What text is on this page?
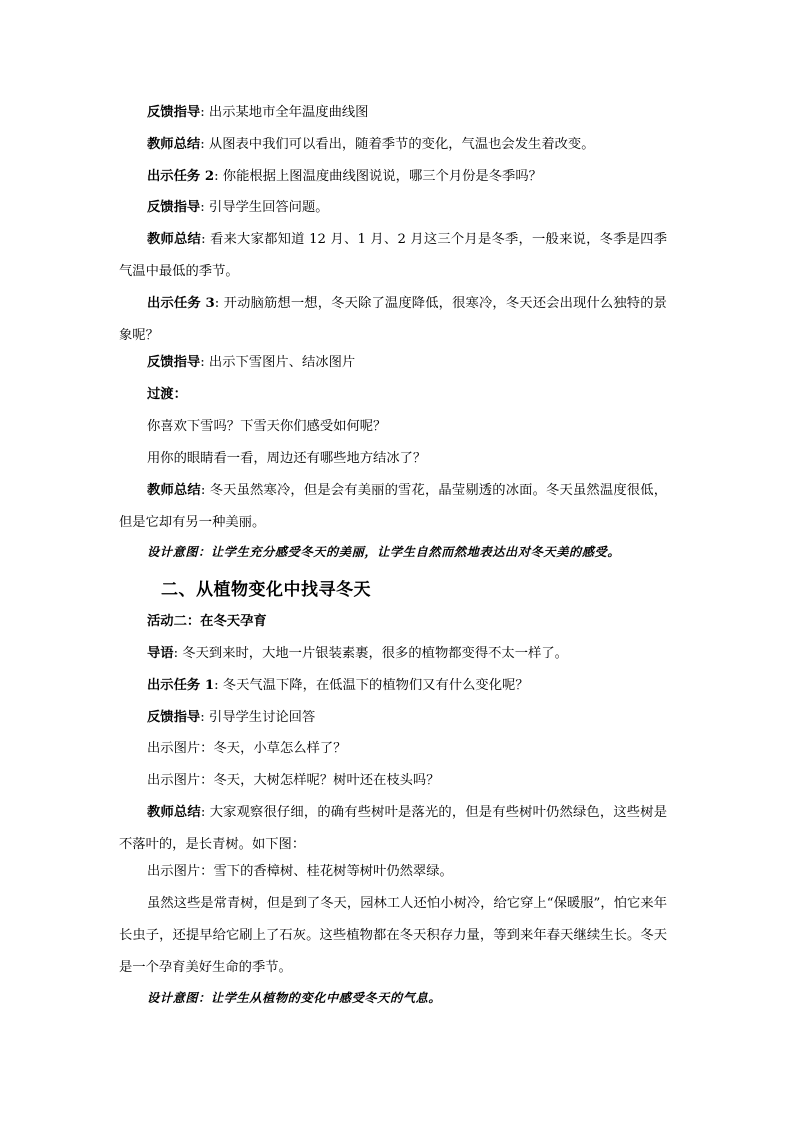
反馈指导: 出示某地市全年温度曲线图
教师总结: 从图表中我们可以看出，随着季节的变化，气温也会发生着改变。
出示任务 2: 你能根据上图温度曲线图说说，哪三个月份是冬季吗？
反馈指导: 引导学生回答问题。
教师总结: 看来大家都知道 12 月、1 月、2 月这三个月是冬季，一般来说，冬季是四季气温中最低的季节。
出示任务 3: 开动脑筋想一想，冬天除了温度降低，很寒冷，冬天还会出现什么独特的景象呢？
反馈指导: 出示下雪图片、结冰图片
过渡：
你喜欢下雪吗？下雪天你们感受如何呢？
用你的眼睛看一看，周边还有哪些地方结冰了？
教师总结: 冬天虽然寒冷，但是会有美丽的雪花，晶莹剔透的冰面。冬天虽然温度很低，但是它却有另一种美丽。
设计意图：让学生充分感受冬天的美丽，让学生自然而然地表达出对冬天美的感受。
二、从植物变化中找寻冬天
活动二：在冬天孕育
导语: 冬天到来时，大地一片银装素裹，很多的植物都变得不太一样了。
出示任务 1: 冬天气温下降，在低温下的植物们又有什么变化呢？
反馈指导: 引导学生讨论回答
出示图片：冬天，小草怎么样了？
出示图片：冬天，大树怎样呢？树叶还在枝头吗？
教师总结: 大家观察很仔细，的确有些树叶是落光的，但是有些树叶仍然绿色，这些树是不落叶的，是长青树。如下图：
出示图片：雪下的香樟树、桂花树等树叶仍然翠绿。
虽然这些是常青树，但是到了冬天，园林工人还怕小树冷，给它穿上“保暖服”，怕它来年长虫子，还提早给它刷上了石灰。这些植物都在冬天积存力量，等到来年春天继续生长。冬天是一个孕育美好生命的季节。
设计意图：让学生从植物的变化中感受冬天的气息。
